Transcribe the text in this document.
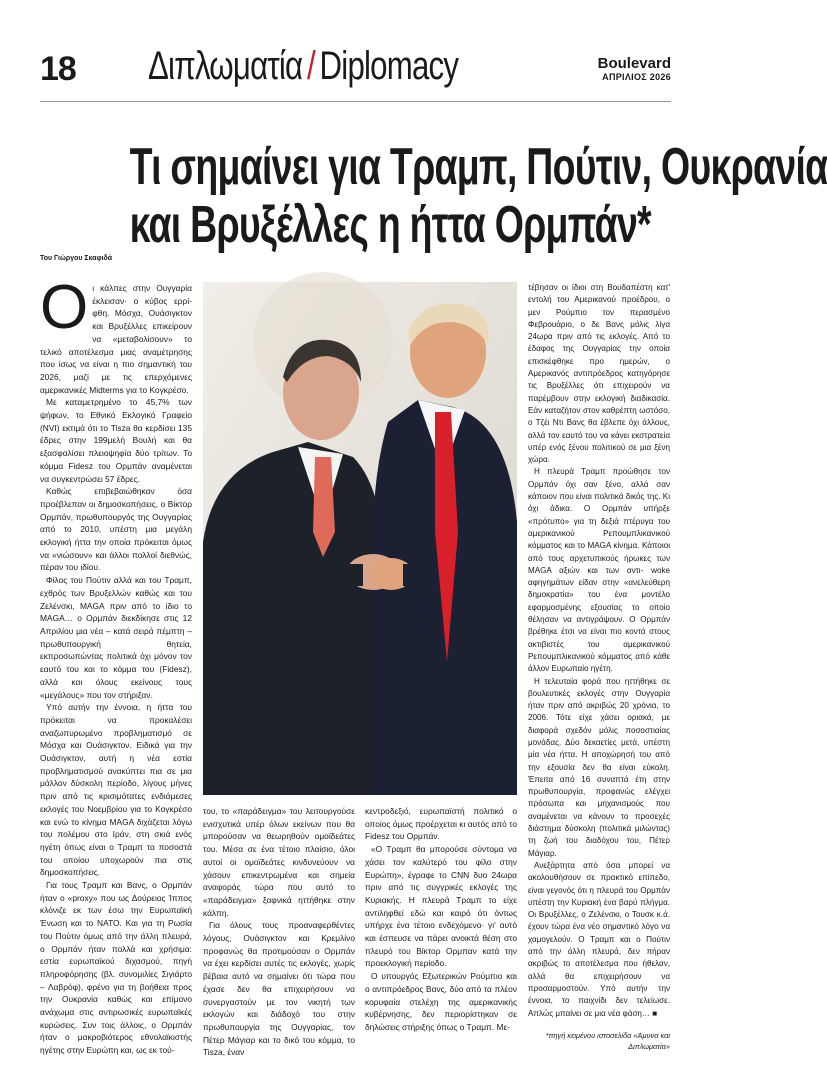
18 Διπλωματία / Diplomacy	Boulevard
ΑΠΡΙΛΙΟΣ 2026
Τι σημαίνει για Τραμπ, Πούτιν, Ουκρανία
και Βρυξέλλες η ήττα Ορμπάν*
Του Γιώργου Σκαφιδά
Ο ι κάλπες στην Ουγγαρία έκλεισαν· ο κύβος ερρί-φθη. Μόσχα, Ουάσιγκτον και Βρυξέλλες επικείρουν να «μεταβολίσουν» το τελικό αποτέλεσμα μιας αναμέτρησης που ίσως να είναι η πιο σημαντική του 2026, μαζί με τις επερχόμενες αμερικανικές Midterms για το Κογκρέσο.

Με καταμετρημένο το 45,7% των ψήφων, το Εθνικό Εκλογικό Γραφείο (NVI) εκτιμά ότι το Tisza θα κερδίσει 135 έδρες στην 199μελή Βουλή και θα εξασφαλίσει πλειοψηφία δύο τρίτων. Το κόμμα Fidesz του Ορμπάν αναμένεται να συγκεντρώσει 57 έδρες.

Καθώς επιβεβαιώθηκαν όσα προέβλεπαν οι δημοσκοπήσεις, ο Βίκτορ Ορμπάν, πρωθυπουργός της Ουγγαρίας από το 2010, υπέστη μια μεγάλη εκλογική ήττα την οποία πρόκειται όμως να «νιώσουν» και άλλοι πολλοί διεθνώς, πέραν του ιδίου.

Φίλος του Πούτιν αλλά και του Τραμπ, εχθρός των Βρυξελλών καθώς και του Ζελένσκι, MAGA πριν από το ίδιο το MAGA… ο Ορμπάν διεκδίκησε στις 12 Απριλίου μια νέα – κατά σειρά πέμπτη – πρωθυπουργική θητεία, εκπροσωπώντας πολιτικά όχι μόνον τον εαυτό του και το κόμμα του (Fidesz), αλλά και όλους εκείνους τους «μεγάλους» που τον στήριξαν.

Υπό αυτήν την έννοια, η ήττα του πρόκειται να προκαλέσει αναζωπυρωμένο προβληματισμό σε Μόσχα και Ουάσιγκτον. Ειδικά για την Ουάσιγκτον, αυτή η νέα εστία προβληματισμού ανακύπτει πια σε μια μάλλον δύσκολη περίοδο, λίγους μήνες πριν από τις κρισιμότατες ενδιάμεσες εκλογές του Νοεμβρίου για το Κογκρέσο και ενώ το κίνημα MAGA διχάζεται λόγω του πολέμου στο Ιράν, στη σκιά ενός ηγέτη όπως είναι ο Τραμπ τα ποσοστά του οποίου υποχωρούν πια στις δημοσκοπήσεις.

Για τους Τραμπ και Βανς, ο Ορμπάν ήταν ο «proxy» που ως Δούρειος Ίππος κλόνιζε εκ των έσω την Ευρωπαϊκή Ένωση και το ΝΑΤΟ. Και για τη Ρωσία του Πούτιν όμως από την άλλη πλευρά, ο Ορμπάν ήταν πολλά και χρήσιμα: εστία ευρωπαϊκού διχασμού, πηγή πληροφόρησης (βλ. συνομιλίες Σιγιάρτο – Λαβρόφ), φρένο για τη βοήθεια προς την Ουκρανία καθώς και επίμονο ανάχωμα στις αντιρωσικές ευρωπαϊκές κυρώσεις. Συν τοις άλλοις, ο Ορμπάν ήταν ο μακροβιότερος εθνολαϊκιστής ηγέτης στην Ευρώπη και, ως εκ τού-

του, το «παράδειγμα» του λειτουργούσε ενισχυτικά υπέρ όλων εκείνων που θα μπορούσαν να θεωρηθούν ομοϊδεάτες του. Μέσα σε ένα τέτοιο πλαίσιο, όλοι αυτοί οι ομοϊδεάτες κινδυνεύουν να χάσουν επικεντρωμένα και σημεία αναφοράς τώρα που αυτό το «παράδειγμα» ξαφνικά ηττήθηκε στην κάλπη.

Για όλους τους προαναφερθέντες λόγους, Ουάσιγκτον και Κρεμλίνο προφανώς θα προτιμούσαν ο Ορμπάν να έχει κερδίσει αυτές τις εκλογές, χωρίς βέβαια αυτό να σημαίνει ότι τώρα που έχασε δεν θα επιχειρήσουν να συνεργαστούν με τον νικητή των εκλογών και διάδοχό του στην πρωθυπουργία της Ουγγαρίας, τον Πέτερ Μάγιαρ και το δικό του κόμμα, το Tisza, έναν

κεντροδεξιό, ευρωπαϊστή πολιτικό ο οποίος όμως προέρχεται κι αυτός από το Fidesz του Ορμπάν.

«Ο Τραμπ θα μπορούσε σύντομα να χάσει τον καλύτερό του φίλο στην Ευρώπη», έγραφε το CNN δυο 24ωρα πριν από τις συγγρικές εκλογές της Κυριακής. Η πλευρά Τραμπ το είχε αντιληφθεί εδώ και καιρό ότι όντως υπήρχε ένα τέτοιο ενδεχόμενο· γι' αυτό και έσπευσε να πάρει ανοικτά θέση στο πλευρό του Βίκτορ Ορμπαν κατά την προεκλογική περίοδο.

Ο υπουργός Εξωτερικών Ρούμπιο και ο αντιπρόεδρος Βανς, δύο από τα πλέον κορυφαία στελέχη της αμερικανικής κυβέρνησης, δεν περιορίστηκαν σε δηλώσεις στήριξης όπως ο Τραμπ. Με-

τέβησαν οι ίδιοι στη Βουδαπέστη κατ' εντολή του Αμερικανού προέδρου, ο μεν Ρούμπιο τον περασμένο Φεβρουάριο, ο δε Βανς μόλις λίγα 24ωρα πριν από τις εκλογές. Από το έδαφος της Ουγγαρίας την οποία επισκέφθηκε προ ημερών, ο Αμερικανός αντιπρόεδρος κατηγόρησε τις Βρυξέλλες ότι επιχειρούν να παρέμβουν στην εκλογική διαδικασία. Εάν καταζήτον στον καθρέπτη ωστόσο, ο Τζέι Ντι Βανς θα έβλεπε όχι άλλους, αλλά τον εαυτό του να κάνει εκστρατεία υπέρ ενός ξένου πολιτικού σε μια ξένη χώρα.

Η πλευρά Τραμπ προώθησε τον Ορμπάν όχι σαν ξένο, αλλά σαν κάποιον που είναι πολιτικά δικός της. Κι όχι άδικα. Ο Ορμπάν υπήρξε «πρότυπο» για τη δεξιά πτέρυγα του αμερικανικού Ρεπουμπλικανικού κόμματος και το MAGA κίνημα. Κάποιοι από τους αρχετυπικούς ήρωκες των MAGA αξιών και των αντι- woke αφηγημάτων είδαν στην «ανελεύθερη δημοκρατία» του ένα μοντέλο εφαρμοσμένης εξουσίας το οποίο θέλησαν να αντιγράψουν. Ο Ορμπάν βρέθηκε έτσι να είναι πιο κοντά στους ακτιβιστές του αμερικανικού Ρεπουμπλικανικού κόμματος από κάθε άλλον Ευρωπαίο ηγέτη.

Η τελευταία φορά που ηττήθηκε σε βουλευτικές εκλογές στην Ουγγαρία ήταν πριν από ακριβώς 20 χρόνια, το 2006. Τότε είχε χάσει οριακά, με διαφορά σχεδόν μόλις ποσοστιαίας μονάδας. Δύο δεκαετίες μετά, υπέστη μία νέα ήττα. Η αποχώρησή του από την εξουσία δεν θα είναι εύκολη. Έπειτα από 16 συναπτά έτη στην πρωθυπουργία, προφανώς ελέγχει πρόσωπα και μηχανισμούς που αναμένεται να κάνουν το προσεχές διάστημα δύσκολη (πολιτικά μιλώντας) τη ζωή του διαδόχου του, Πέτερ Μάγιαρ.

Ανεξάρτητα από όσα μπορεί να ακολουθήσουν σε πρακτικό επίπεδο, είναι γεγονός ότι η πλευρά του Ορμπάν υπέστη την Κυριακή ένα βαρύ πλήγμα. Οι Βρυξέλλες, ο Ζελένσκι, ο Τουσκ κ.ά. έχουν τώρα ένα νέο σημαντικό λόγο να χαμογελούν. Ο Τραμπ και ο Πούτιν από την άλλη πλευρά, δεν πήραν ακριβώς το αποτέλεσμα που ήθελαν, αλλά θα επιχειρήσουν να προσαρμοστούν. Υπό αυτήν την έννοια, το παιχνίδι δεν τελείωσε. Απλώς μπαίνει σε μια νέα φάση… ■

*πηγή κειμένου ιστοσελίδα «Άμυνα και Διπλωματία»
